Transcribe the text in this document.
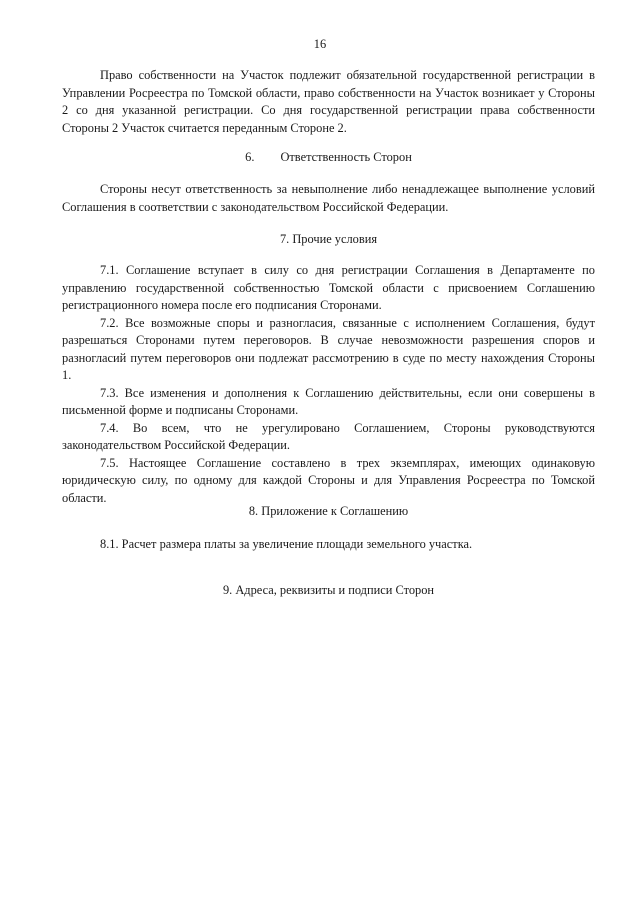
16

Право собственности на Участок подлежит обязательной государственной регистрации в Управлении Росреестра по Томской области, право собственности на Участок возникает у Стороны 2 со дня указанной регистрации. Со дня государственной регистрации права собственности Стороны 2 Участок считается переданным Стороне 2.

6. Ответственность Сторон

Стороны несут ответственность за невыполнение либо ненадлежащее выполнение условий Соглашения в соответствии с законодательством Российской Федерации.

7. Прочие условия

7.1. Соглашение вступает в силу со дня регистрации Соглашения в Департаменте по управлению государственной собственностью Томской области с присвоением Соглашению регистрационного номера после его подписания Сторонами.

7.2. Все возможные споры и разногласия, связанные с исполнением Соглашения, будут разрешаться Сторонами путем переговоров. В случае невозможности разрешения споров и разногласий путем переговоров они подлежат рассмотрению в суде по месту нахождения Стороны 1.

7.3. Все изменения и дополнения к Соглашению действительны, если они совершены в письменной форме и подписаны Сторонами.

7.4. Во всем, что не урегулировано Соглашением, Стороны руководствуются законодательством Российской Федерации.

7.5. Настоящее Соглашение составлено в трех экземплярах, имеющих одинаковую юридическую силу, по одному для каждой Стороны и для Управления Росреестра по Томской области.

8. Приложение к Соглашению

8.1. Расчет размера платы за увеличение площади земельного участка.

9. Адреса, реквизиты и подписи Сторон
